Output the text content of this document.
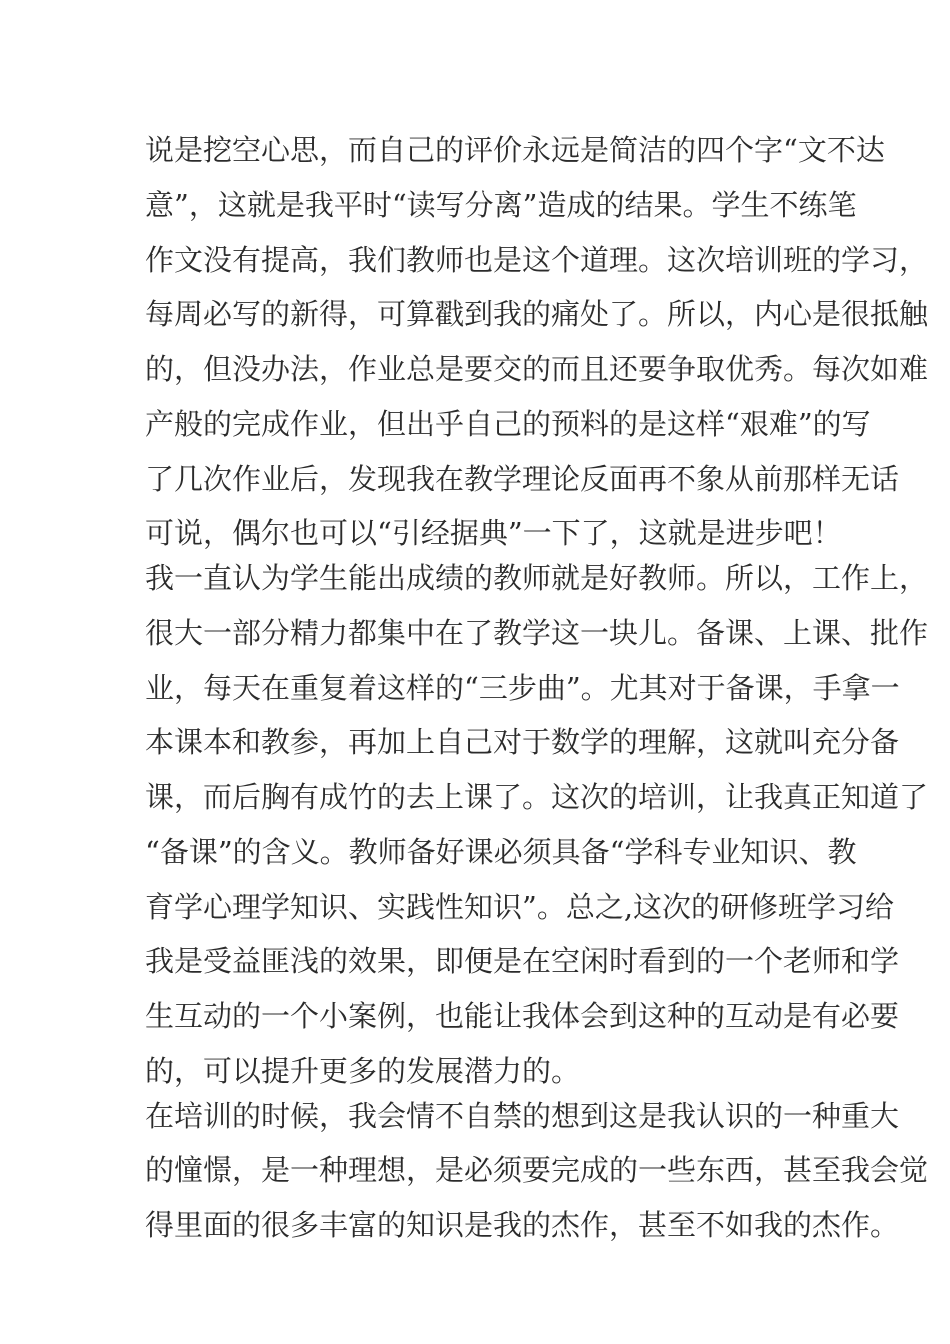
说是挖空心思，而自己的评价永远是简洁的四个字“文不达
意”，这就是我平时“读写分离”造成的结果。学生不练笔
作文没有提高，我们教师也是这个道理。这次培训班的学习，
每周必写的新得，可算戳到我的痛处了。所以，内心是很抵触
的，但没办法，作业总是要交的而且还要争取优秀。每次如难
产般的完成作业，但出乎自己的预料的是这样“艰难”的写
了几次作业后，发现我在教学理论反面再不象从前那样无话
可说，偶尔也可以“引经据典”一下了，这就是进步吧！
我一直认为学生能出成绩的教师就是好教师。所以，工作上，
很大一部分精力都集中在了教学这一块儿。备课、上课、批作
业，每天在重复着这样的“三步曲”。尤其对于备课，手拿一
本课本和教参，再加上自己对于数学的理解，这就叫充分备
课，而后胸有成竹的去上课了。这次的培训，让我真正知道了
“备课”的含义。教师备好课必须具备“学科专业知识、教
育学心理学知识、实践性知识”。总之,这次的研修班学习给
我是受益匪浅的效果，即便是在空闲时看到的一个老师和学
生互动的一个小案例，也能让我体会到这种的互动是有必要
的，可以提升更多的发展潜力的。
在培训的时候，我会情不自禁的想到这是我认识的一种重大
的憧憬，是一种理想，是必须要完成的一些东西，甚至我会觉
得里面的很多丰富的知识是我的杰作，甚至不如我的杰作。
